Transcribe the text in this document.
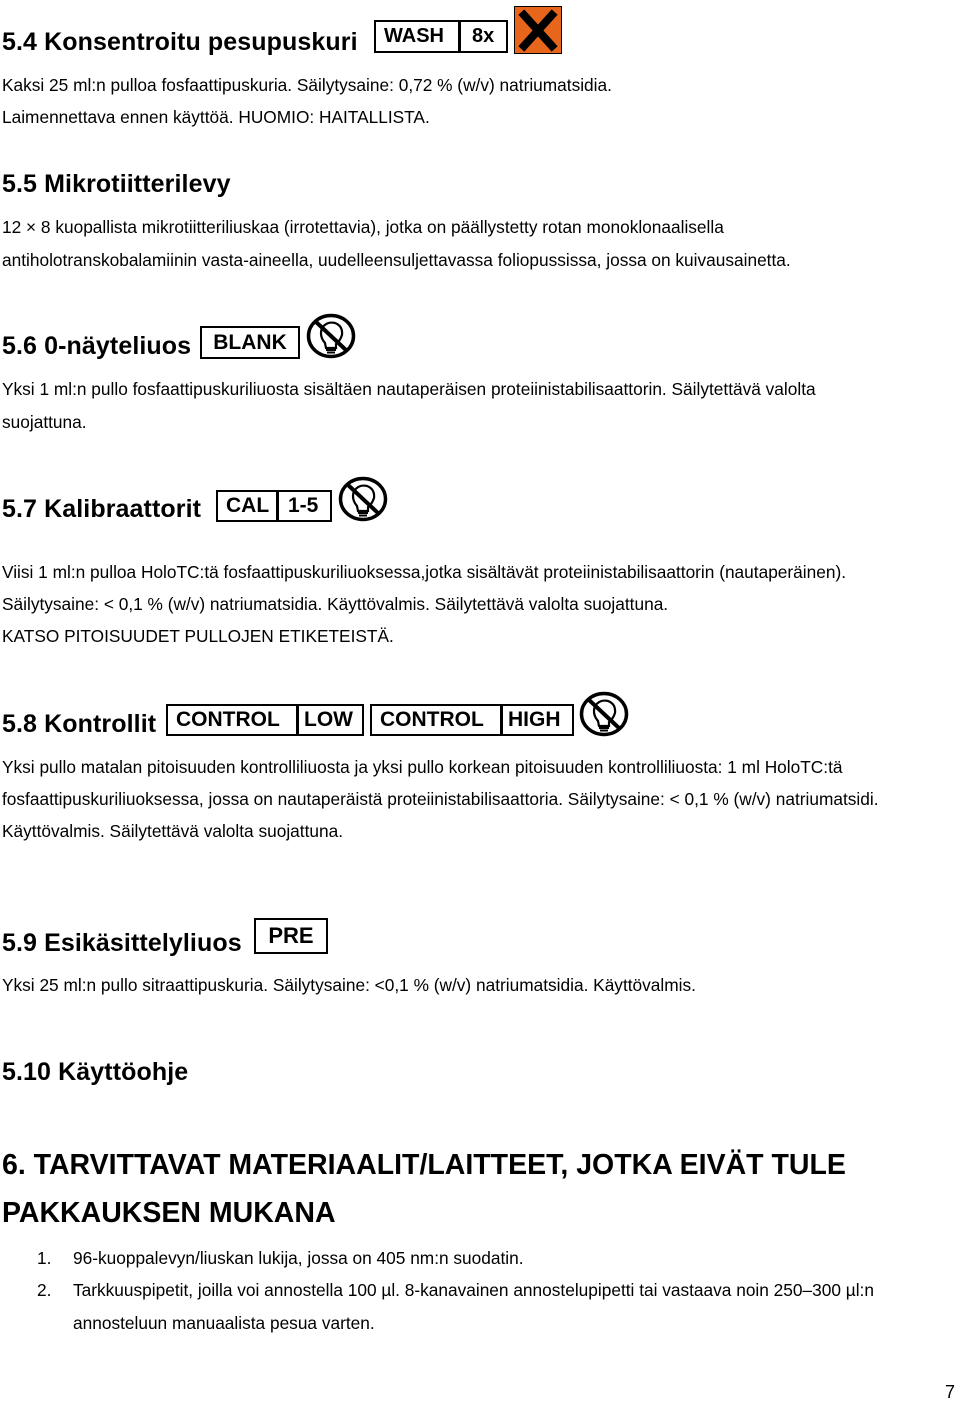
5.4 Konsentroitu pesupuskuri WASH 8x
Kaksi 25 ml:n pulloa fosfaattipuskuria. Säilytysaine: 0,72 % (w/v) natriumatsidia.
Laimennettava ennen käyttöä. HUOMIO: HAITALLISTA.
5.5 Mikrotiitterilevy
12 × 8 kuopallista mikrotiitteriliuskaa (irrotettavia), jotka on päällystetty rotan monoklonaalisella
antiholotranskobalamiinin vasta-aineella, uudelleensuljettavassa foliopussissa, jossa on kuivausainetta.
5.6 0-näyteliuos BLANK
Yksi 1 ml:n pullo fosfaattipuskuriliuosta sisältäen nautaperäisen proteiinistabilisaattorin. Säilytettävä valolta
suojattuna.
5.7 Kalibraattorit CAL 1-5
Viisi 1 ml:n pulloa HoloTC:tä fosfaattipuskuriliuoksessa,jotka sisältävät proteiinistabilisaattorin (nautaperäinen).
Säilytysaine: < 0,1 % (w/v) natriumatsidia. Käyttövalmis. Säilytettävä valolta suojattuna.
KATSO PITOISUUDET PULLOJEN ETIKETEISTÄ.
5.8 Kontrollit CONTROL LOW CONTROL HIGH
Yksi pullo matalan pitoisuuden kontrolliliuosta ja yksi pullo korkean pitoisuuden kontrolliliuosta: 1 ml HoloTC:tä
fosfaattipuskuriliuoksessa, jossa on nautaperäistä proteiinistabilisaattoria. Säilytysaine: < 0,1 % (w/v) natriumatsidi.
Käyttövalmis. Säilytettävä valolta suojattuna.
5.9 Esikäsittelyliuos PRE
Yksi 25 ml:n pullo sitraattipuskuria. Säilytysaine: <0,1 % (w/v) natriumatsidia. Käyttövalmis.
5.10 Käyttöohje
6. TARVITTAVAT MATERIAALIT/LAITTEET, JOTKA EIVÄT TULE
PAKKAUKSEN MUKANA
1. 96-kuoppalevyn/liuskan lukija, jossa on 405 nm:n suodatin.
2. Tarkkuuspipetit, joilla voi annostella 100 µl. 8-kanavainen annostelupipetti tai vastaava noin 250–300 µl:n
annosteluun manuaalista pesua varten.
7
